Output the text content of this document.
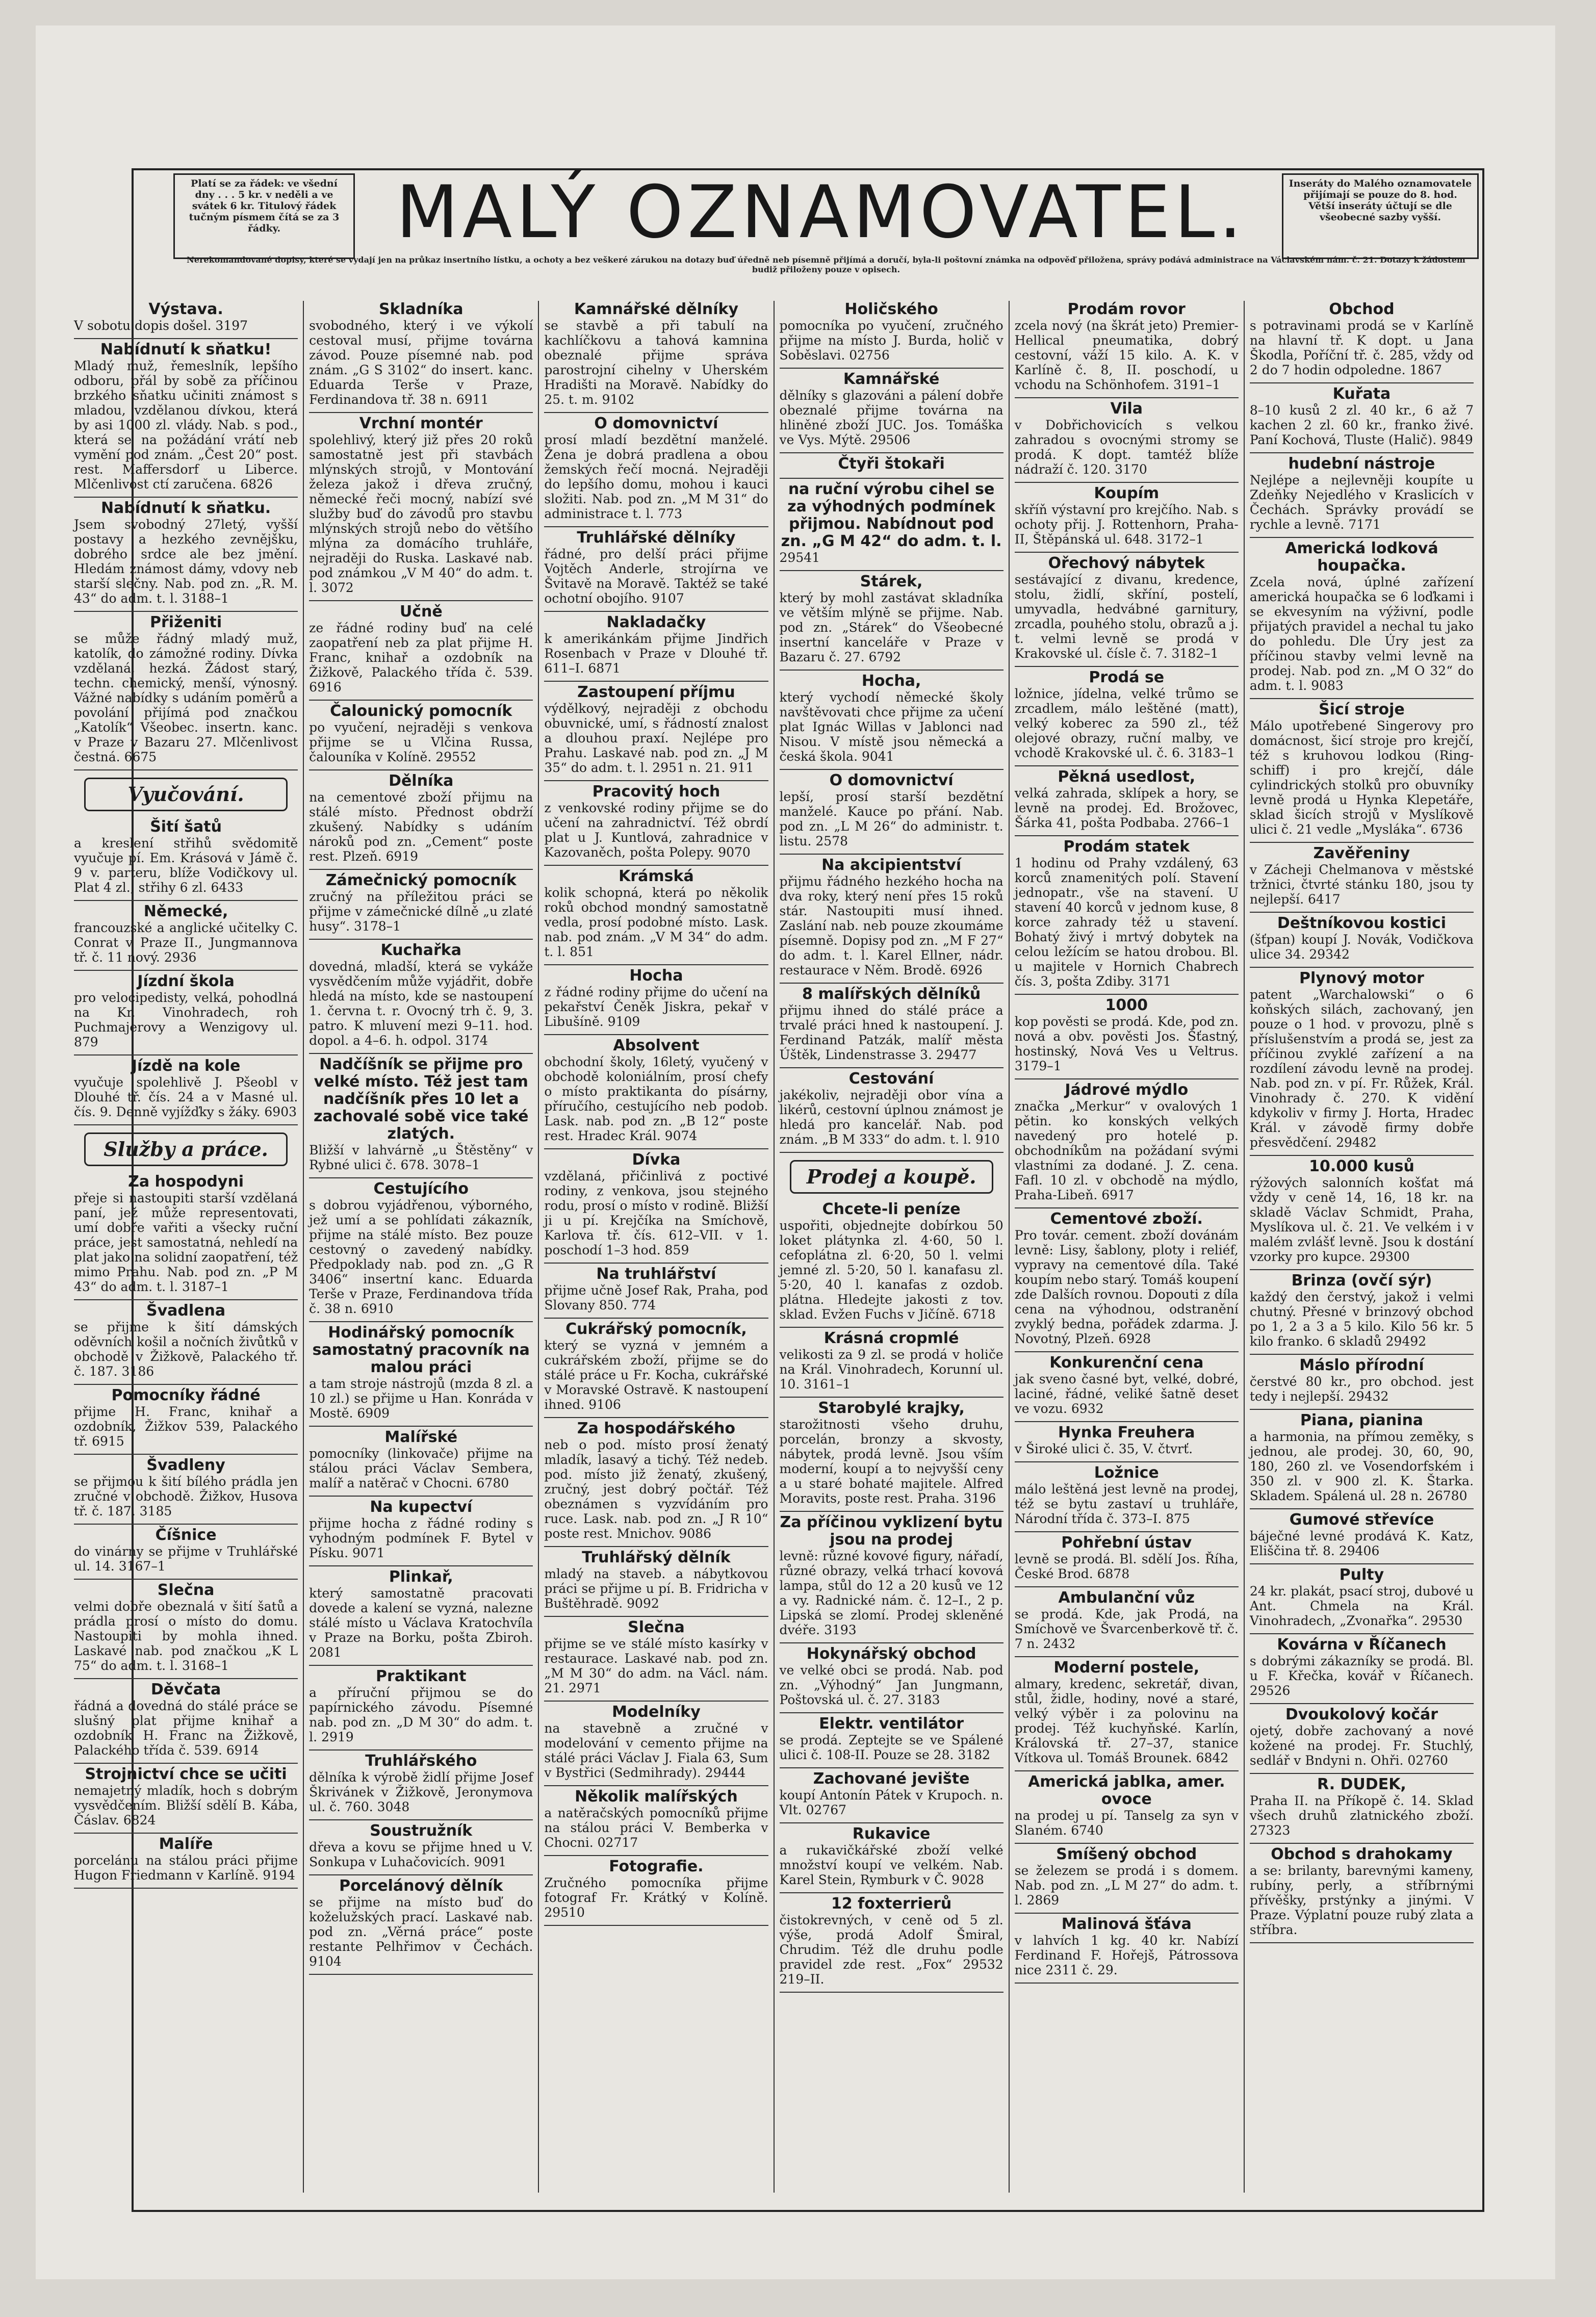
Platí se za řádek: ve všední dny . . . 5 kr. v neděli a ve svátek 6 kr. Titulový řádek tučným písmem čítá se za 3 řádky.	MALÝ OZNAMOVATEL.	Inseráty do Malého oznamovatele přijímají se pouze do 8. hod. Větší inseráty účtují se dle všeobecné sazby vyšší.
Nerekomandované dopisy, které se vydají jen na průkaz insertního lístku, a ochoty a bez veškeré zárukou na dotazy buď úředně neb písemně přijímá a doručí, byla-li poštovní známka na odpověď přiložena, správy podává administrace na Václavském nám. č. 21. Dotazy k žádostem budiž přiloženy pouze v opisech.
Výstava.

V sobotu dopis došel. 3197

Nabídnutí k sňatku!

Mladý muž, řemeslník, lepšího odboru, přál by sobě za příčinou brzkého sňatku učiniti známost s mladou, vzdělanou dívkou, která by asi 1000 zl. vlády. Nab. s pod., která se na požádání vrátí neb vymění pod znám. „Čest 20“ post. rest. Maffersdorf u Liberce. Mlčenlivost ctí zaručena. 6826

Nabídnutí k sňatku.

Jsem svobodný 27letý, vyšší postavy a hezkého zevnějšku, dobrého srdce ale bez jmění. Hledám známost dámy, vdovy neb starší slečny. Nab. pod zn. „R. M. 43“ do adm. t. l. 3188–1

Přiženiti

se může řádný mladý muž, katolík, do zámožné rodiny. Dívka vzdělaná, hezká. Žádost starý, techn. chemický, menší, výnosný. Vážné nabídky s udáním poměrů a povolání přijímá pod značkou „Katolík“ Všeobec. insertn. kanc. v Praze v Bazaru 27. Mlčenlivost čestná. 6675

Vyučování.
Šití šatů

a kreslení střihů svědomitě vyučuje pí. Em. Krásová v Jámě č. 9 v. parteru, blíže Vodičkovy ul. Plat 4 zl., střihy 6 zl. 6433

Německé,

francouzské a anglické učitelky C. Conrat v Praze II., Jungmannova tř. č. 11 nový. 2936

Jízdní škola

pro velocipedisty, velká, pohodlná na Kr. Vinohradech, roh Puchmajerovy a Wenzigovy ul. 879

Jízdě na kole

vyučuje spolehlivě J. Pšeobl v Dlouhé tř. čís. 24 a v Masné ul. čís. 9. Denně vyjížďky s žáky. 6903

Služby a práce.
Za hospodyni

přeje si nastoupiti starší vzdělaná paní, jež může representovati, umí dobře vařiti a všecky ruční práce, jest samostatná, nehledí na plat jako na solidní zaopatření, též mimo Prahu. Nab. pod zn. „P M 43“ do adm. t. l. 3187–1

Švadlena

se přijme k šití dámských oděvních košil a nočních živůtků v obchodě v Žižkově, Palackého tř. č. 187. 3186

Pomocníky řádné

přijme H. Franc, knihař a ozdobník, Žižkov 539, Palackého tř. 6915

Švadleny

se přijmou k šití bílého prádla jen zručné v obchodě. Žižkov, Husova tř. č. 187. 3185

Číšnice

do vinárny se přijme v Truhlářské ul. 14. 3167–1

Slečna

velmi dobře obeznalá v šití šatů a prádla prosí o místo do domu. Nastoupiti by mohla ihned. Laskavé nab. pod značkou „K L 75“ do adm. t. l. 3168–1

Děvčata

řádná a dovedná do stálé práce se slušný plat přijme knihař a ozdobník H. Franc na Žižkově, Palackého třída č. 539. 6914

Strojnictví chce se učiti

nemajetný mladík, hoch s dobrým vysvědčením. Bližší sdělí B. Kába, Čáslav. 6824

Malíře

porcelánu na stálou práci přijme Hugon Friedmann v Karlíně. 9194

Skladníka

svobodného, který i ve výkolí cestoval musí, přijme továrna závod. Pouze písemné nab. pod znám. „G S 3102“ do insert. kanc. Eduarda Terše v Praze, Ferdinandova tř. 38 n. 6911

Vrchní montér

spolehlivý, který již přes 20 roků samostatně jest při stavbách mlýnských strojů, v Montování železa jakož i dřeva zručný, německé řeči mocný, nabízí své služby buď do závodů pro stavbu mlýnských strojů nebo do většího mlýna za domácího truhláře, nejraději do Ruska. Laskavé nab. pod známkou „V M 40“ do adm. t. l. 3072

Učně

ze řádné rodiny buď na celé zaopatření neb za plat přijme H. Franc, knihař a ozdobník na Žižkově, Palackého třída č. 539. 6916

Čalounický pomocník

po vyučení, nejraději s venkova přijme se u Vlčina Russa, čalouníka v Kolíně. 29552

Dělníka

na cementové zboží přijmu na stálé místo. Přednost obdrží zkušený. Nabídky s udáním nároků pod zn. „Cement“ poste rest. Plzeň. 6919

Zámečnický pomocník

zručný na příležitou práci se přijme v zámečnické dílně „u zlaté husy“. 3178–1

Kuchařka

dovedná, mladší, která se vykáže vysvědčením může vyjádřit, dobře hledá na místo, kde se nastoupení 1. června t. r. Ovocný trh č. 9, 3. patro. K mluvení mezi 9–11. hod. dopol. a 4–6. h. odpol. 3174

Nadčíšník se přijme pro velké místo. Též jest tam nadčíšník přes 10 let a zachovalé sobě vice také zlatých.

Bližší v lahvárně „u Štěstěny“ v Rybné ulici č. 678. 3078–1

Cestujícího

s dobrou vyjádřenou, výborného, jež umí a se pohlídati zákazník, přijme na stálé místo. Bez pouze cestovný o zavedený nabídky. Předpoklady nab. pod zn. „G R 3406“ insertní kanc. Eduarda Terše v Praze, Ferdinandova třída č. 38 n. 6910

Hodinářský pomocník samostatný pracovník na malou práci

a tam stroje nástrojů (mzda 8 zl. a 10 zl.) se přijme u Han. Konráda v Mostě. 6909

Malířské

pomocníky (linkovače) přijme na stálou práci Václav Sembera, malíř a natěrač v Chocni. 6780

Na kupectví

přijme hocha z řádné rodiny s vyhodným podmínek F. Bytel v Písku. 9071

Plinkař,

který samostatně pracovati dovede a kalení se vyzná, nalezne stálé místo u Václava Kratochvíla v Praze na Borku, pošta Zbiroh. 2081

Praktikant

a příruční přijmou se do papírnického závodu. Písemné nab. pod zn. „D M 30“ do adm. t. l. 2919

Truhlářského

dělníka k výrobě židlí přijme Josef Škrivánek v Žižkově, Jeronymova ul. č. 760. 3048

Soustružník

dřeva a kovu se přijme hned u V. Sonkupa v Luhačovicích. 9091

Porcelánový dělník

se přijme na místo buď do koželužských prací. Laskavé nab. pod zn. „Věrná práce“ poste restante Pelhřimov v Čechách. 9104

Kamnářské dělníky

se stavbě a při tabulí na kachlíčkovu a tahová kamnina obeznalé přijme správa parostrojní cihelny v Uherském Hradišti na Moravě. Nabídky do 25. t. m. 9102

O domovnictví

prosí mladí bezdětní manželé. Žena je dobrá pradlena a obou žemských řečí mocná. Nejraději do lepšího domu, mohou i kauci složiti. Nab. pod zn. „M M 31“ do administrace t. l. 773

Truhlářské dělníky

řádné, pro delší práci přijme Vojtěch Anderle, strojírna ve Švitavě na Moravě. Taktéž se také ochotní obojího. 9107

Nakladačky

k amerikánkám přijme Jindřich Rosenbach v Praze v Dlouhé tř. 611–I. 6871

Zastoupení příjmu

výdělkový, nejraději z obchodu obuvnické, umí, s řádností znalost a dlouhou praxí. Nejlépe pro Prahu. Laskavé nab. pod zn. „J M 35“ do adm. t. l. 2951 n. 21. 911

Pracovitý hoch

z venkovské rodiny přijme se do učení na zahradnictví. Též obrdí plat u J. Kuntlová, zahradnice v Kazovaněch, pošta Polepy. 9070

Krámská

kolik schopná, která po několik roků obchod mondný samostatně vedla, prosí podobné místo. Lask. nab. pod znám. „V M 34“ do adm. t. l. 851

Hocha

z řádné rodiny přijme do učení na pekařství Čeněk Jiskra, pekař v Libušíně. 9109

Absolvent

obchodní školy, 16letý, vyučený v obchodě koloniálním, prosí chefy o místo praktikanta do písárny, příručího, cestujícího neb podob. Lask. nab. pod zn. „B 12“ poste rest. Hradec Král. 9074

Dívka

vzdělaná, přičinlivá z poctivé rodiny, z venkova, jsou stejného rodu, prosí o místo v rodině. Bližší ji u pí. Krejčíka na Smíchově, Karlova tř. čís. 612–VII. v 1. poschodí 1–3 hod. 859

Na truhlářství

přijme učně Josef Rak, Praha, pod Slovany 850. 774

Cukrářský pomocník,

který se vyzná v jemném a cukrářském zboží, přijme se do stálé práce u Fr. Kocha, cukrářské v Moravské Ostravě. K nastoupení ihned. 9106

Za hospodářského

neb o pod. místo prosí ženatý mladík, lasavý a tichý. Též nedeb. pod. místo již ženatý, zkušený, zručný, jest dobrý počtář. Též obeznámen s vyzvídáním pro ruce. Lask. nab. pod zn. „J R 10“ poste rest. Mnichov. 9086

Truhlářský dělník

mladý na staveb. a nábytkovou práci se přijme u pí. B. Fridricha v Buštěhradě. 9092

Slečna

přijme se ve stálé místo kasírky v restaurace. Laskavé nab. pod zn. „M M 30“ do adm. na Václ. nám. 21. 2971

Modelníky

na stavebně a zručné v modelování v cemento přijme na stálé práci Václav J. Fiala 63, Sum v Bystřici (Sedmihrady). 29444

Několik malířských

a natěračských pomocníků přijme na stálou práci V. Bemberka v Chocni. 02717

Fotografie.

Zručného pomocníka přijme fotograf Fr. Krátký v Kolíně. 29510

Holičského

pomocníka po vyučení, zručného přijme na místo J. Burda, holič v Soběslavi. 02756

Kamnářské

dělníky s glazováni a pálení dobře obeznalé přijme továrna na hliněné zboží JUC. Jos. Tomáška ve Vys. Mýtě. 29506

Čtyři štokaři

na ruční výrobu cihel se za výhodných podmínek přijmou. Nabídnout pod zn. „G M 42“ do adm. t. l.

29541

Stárek,

který by mohl zastávat skladníka ve větším mlýně se přijme. Nab. pod zn. „Stárek“ do Všeobecné insertní kanceláře v Praze v Bazaru č. 27. 6792

Hocha,

který vychodí německé školy navštěvovati chce přijme za učení plat Ignác Willas v Jablonci nad Nisou. V místě jsou německá a česká škola. 9041

O domovnictví

lepší, prosí starší bezdětní manželé. Kauce po přání. Nab. pod zn. „L M 26“ do administr. t. listu. 2578

Na akcipientství

přijmu řádného hezkého hocha na dva roky, který není přes 15 roků stár. Nastoupiti musí ihned. Zaslání nab. neb pouze zkoumáme písemně. Dopisy pod zn. „M F 27“ do adm. t. l. Karel Ellner, nádr. restaurace v Něm. Brodě. 6926

8 malířských dělníků

přijmu ihned do stálé práce a trvalé práci hned k nastoupení. J. Ferdinand Patzák, malíř města Úštěk, Lindenstrasse 3. 29477

Cestování

jakékoliv, nejraději obor vína a likérů, cestovní úplnou známost je hledá pro kancelář. Nab. pod znám. „B M 333“ do adm. t. l. 910

Prodej a koupě.
Chcete-li peníze

uspořiti, objednejte dobírkou 50 loket plátynka zl. 4·60, 50 l. cefoplátna zl. 6·20, 50 l. velmi jemné zl. 5·20, 50 l. kanafasu zl. 5·20, 40 l. kanafas z ozdob. plátna. Hledejte jakosti z tov. sklad. Evžen Fuchs v Jičíně. 6718

Krásná cropmlé

velikosti za 9 zl. se prodá v holiče na Král. Vinohradech, Korunní ul. 10. 3161–1

Starobylé krajky,

starožitnosti všeho druhu, porcelán, bronzy a skvosty, nábytek, prodá levně. Jsou vším moderní, koupí a to nejvyšší ceny a u staré bohaté majitele. Alfred Moravits, poste rest. Praha. 3196

Za příčinou vyklizení bytu jsou na prodej

levně: různé kovové figury, nářadí, různé obrazy, velká trhací kovová lampa, stůl do 12 a 20 kusů ve 12 a vy. Radnické nám. č. 12–I., 2 p. Lipská se zlomí. Prodej skleněné dvéře. 3193

Hokynářský obchod

ve velké obci se prodá. Nab. pod zn. „Výhodný“ Jan Jungmann, Poštovská ul. č. 27. 3183

Elektr. ventilátor

se prodá. Zeptejte se ve Spálené ulici č. 108-II. Pouze se 28. 3182

Zachované jevište

koupí Antonín Pátek v Krupoch. n. Vlt. 02767

Rukavice

a rukavičkářské zboží velké množství koupí ve velkém. Nab. Karel Stein, Rymburk v Č. 9028

12 foxterrierů

čistokrevných, v ceně od 5 zl. výše, prodá Adolf Šmiral, Chrudim. Též dle druhu podle pravidel zde rest. „Fox“ 29532 219–II.

Prodám rovor

zcela nový (na škrát jeto) Premier-Hellical pneumatika, dobrý cestovní, váží 15 kilo. A. K. v Karlíně č. 8, II. poschodí, u vchodu na Schönhofem. 3191–1

Vila

v Dobřichovicích s velkou zahradou s ovocnými stromy se prodá. K dopt. tamtéž blíže nádraží č. 120. 3170

Koupím

skříň výstavní pro krejčího. Nab. s ochoty přij. J. Rottenhorn, Praha-II, Štěpánská ul. 648. 3172–1

Ořechový nábytek

sestávající z divanu, kredence, stolu, židlí, skříní, postelí, umyvadla, hedvábné garnitury, zrcadla, pouhého stolu, obrazů a j. t. velmi levně se prodá v Krakovské ul. čísle č. 7. 3182–1

Prodá se

ložnice, jídelna, velké trůmo se zrcadlem, málo leštěné (matt), velký koberec za 590 zl., též olejové obrazy, ruční malby, ve vchodě Krakovské ul. č. 6. 3183–1

Pěkná usedlost,

velká zahrada, sklípek a hory, se levně na prodej. Ed. Brožovec, Šárka 41, pošta Podbaba. 2766–1

Prodám statek

1 hodinu od Prahy vzdálený, 63 korců znamenitých polí. Stavení jednopatr., vše na stavení. U stavení 40 korců v jednom kuse, 8 korce zahrady též u stavení. Bohatý živý i mrtvý dobytek na celou ležícím se hatou drobou. Bl. u majitele v Hornich Chabrech čís. 3, pošta Zdiby. 3171

1000

kop pověsti se prodá. Kde, pod zn. nová a obv. pověsti Jos. Šťastný, hostinský, Nová Ves u Veltrus. 3179–1

Jádrové mýdlo

značka „Merkur“ v ovalových 1 pětin. ko konských velkých navedený pro hotelé p. obchodníkům na požádaní svými vlastními za dodané. J. Z. cena. Fafl. 10 zl. v obchodě na mýdlo, Praha-Libeň. 6917

Cementové zboží.

Pro továr. cement. zboží dovánám levně: Lisy, šablony, ploty i reliéf, vypravy na cementové díla. Také koupím nebo starý. Tomáš koupení zde Dalších rovnou. Dopouti z díla cena na výhodnou, odstranění zvyklý bedna, pořádek zdarma. J. Novotný, Plzeň. 6928

Konkurenční cena

jak sveno časné byt, velké, dobré, laciné, řádné, veliké šatně deset ve vozu. 6932

Hynka Freuhera

v Široké ulici č. 35, V. čtvrť.

Ložnice

málo leštěná jest levně na prodej, též se bytu zastaví u truhláře, Národní třída č. 373–I. 875

Pohřební ústav

levně se prodá. Bl. sdělí Jos. Říha, České Brod. 6878

Ambulanční vůz

se prodá. Kde, jak Prodá, na Smíchově ve Švarcenberkově tř. č. 7 n. 2432

Moderní postele,

almary, kredenc, sekretář, divan, stůl, židle, hodiny, nové a staré, velký výběr i za polovinu na prodej. Též kuchyňské. Karlín, Královská tř. 27–37, stanice Vítkova ul. Tomáš Brounek. 6842

Americká jablka, amer. ovoce

na prodej u pí. Tanselg za syn v Slaném. 6740

Smíšený obchod

se železem se prodá i s domem. Nab. pod zn. „L M 27“ do adm. t. l. 2869

Malinová šťáva

v lahvích 1 kg. 40 kr. Nabízí Ferdinand F. Hořejš, Pátrossova nice 2311 č. 29.

Obchod

s potravinami prodá se v Karlíně na hlavní tř. K dopt. u Jana Škodla, Poříční tř. č. 285, vždy od 2 do 7 hodin odpoledne. 1867

Kuřata

8–10 kusů 2 zl. 40 kr., 6 až 7 kachen 2 zl. 60 kr., franko živé. Paní Kochová, Tluste (Halič). 9849

hudební nástroje

Nejlépe a nejlevněji koupíte u Zdeňky Nejedlého v Kraslicích v Čechách. Správky provádí se rychle a levně. 7171

Americká lodková houpačka.

Zcela nová, úplné zařízení americká houpačka se 6 loďkami i se ekvesyním na výživní, podle přijatých pravidel a nechal tu jako do pohledu. Dle Úry jest za příčinou stavby velmi levně na prodej. Nab. pod zn. „M O 32“ do adm. t. l. 9083

Šicí stroje

Málo upotřebené Singerovy pro domácnost, šicí stroje pro krejčí, též s kruhovou lodkou (Ring-schiff) i pro krejčí, dále cylindrických stolků pro obuvníky levně prodá u Hynka Klepetáře, sklad šicích strojů v Myslíkově ulici č. 21 vedle „Mysláka“. 6736

Zavěřeniny

v Zácheji Chelmanova v městské tržnici, čtvrté stánku 180, jsou ty nejlepší. 6417

Deštníkovou kostici

(šťpan) koupí J. Novák, Vodičkova ulice 34. 29342

Plynový motor

patent „Warchalowski“ o 6 koňských silách, zachovaný, jen pouze o 1 hod. v provozu, plně s příslušenstvím a prodá se, jest za příčinou zvyklé zařízení a na rozdílení závodu levně na prodej. Nab. pod zn. v pí. Fr. Růžek, Král. Vinohrady č. 270. K vidění kdykoliv v firmy J. Horta, Hradec Král. v závodě firmy dobře přesvědčení. 29482

10.000 kusů

rýžových salonních košťat má vždy v ceně 14, 16, 18 kr. na skladě Václav Schmidt, Praha, Myslíkova ul. č. 21. Ve velkém i v malém zvlášť levně. Jsou k dostání vzorky pro kupce. 29300

Brinza (ovčí sýr)

každý den čerstvý, jakož i velmi chutný. Přesné v brinzový obchod po 1, 2 a 3 a 5 kilo. Kilo 56 kr. 5 kilo franko. 6 skladů 29492

Máslo přírodní

čerstvé 80 kr., pro obchod. jest tedy i nejlepší. 29432

Piana, pianina

a harmonia, na přímou zeměky, s jednou, ale prodej. 30, 60, 90, 180, 260 zl. ve Vosendorfském i 350 zl. v 900 zl. K. Štarka. Skladem. Spálená ul. 28 n. 26780

Gumové střevíce

báječné levné prodává K. Katz, Eliščina tř. 8. 29406

Pulty

24 kr. plakát, psací stroj, dubové u Ant. Chmela na Král. Vinohradech, „Zvonařka“. 29530

Kovárna v Říčanech

s dobrými zákazníky se prodá. Bl. u F. Křečka, kovář v Říčanech. 29526

Dvoukolový kočár

ojetý, dobře zachovaný a nové kožené na prodej. Fr. Stuchlý, sedlář v Bndyni n. Ohři. 02760

R. DUDEK,

Praha II. na Příkopě č. 14. Sklad všech druhů zlatnického zboží. 27323

Obchod s drahokamy

a se: brilanty, barevnými kameny, rubíny, perly, a stříbrnými přívěšky, prstýnky a jinými. V Praze. Výplatní pouze rubý zlata a stříbra.
